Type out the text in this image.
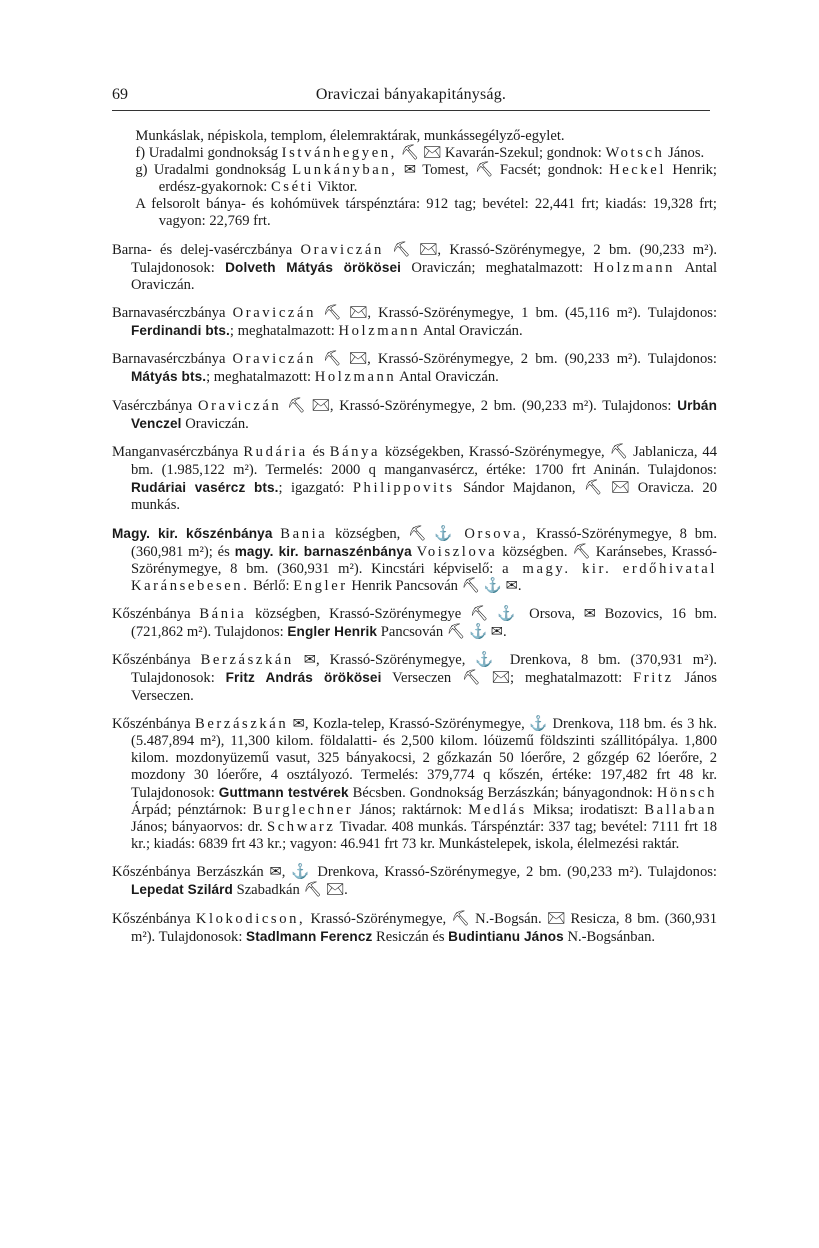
69	Oraviczai bányakapitányság.

Munkáslak, népiskola, templom, élelemraktárak, munkássegélyző-egylet.

f) Uradalmi gondnokság Istvánhegyen, ⛏ ✉ Kavarán-Szekul; gondnok: Wotsch János.

g) Uradalmi gondnokság Lunkányban, ✉ Tomest, ⛏ Facsét; gondnok: Heckel Henrik; erdész-gyakornok: Cséti Viktor.

A felsorolt bánya- és kohómüvek társpénztára: 912 tag; bevétel: 22,441 frt; kiadás: 19,328 frt; vagyon: 22,769 frt.

Barna- és delej-vasérczbánya Oraviczán ⛏ ✉, Krassó-Szörénymegye, 2 bm. (90,233 m²). Tulajdonosok: Dolveth Mátyás örökösei Oraviczán; meghatalmazott: Holzmann Antal Oraviczán.

Barnavasérczbánya Oraviczán ⛏ ✉, Krassó-Szörénymegye, 1 bm. (45,116 m²). Tulajdonos: Ferdinandi bts.; meghatalmazott: Holzmann Antal Oraviczán.

Barnavasérczbánya Oraviczán ⛏ ✉, Krassó-Szörénymegye, 2 bm. (90,233 m²). Tulajdonos: Mátyás bts.; meghatalmazott: Holzmann Antal Oraviczán.

Vasérczbánya Oraviczán ⛏ ✉, Krassó-Szörénymegye, 2 bm. (90,233 m²). Tulajdonos: Urbán Venczel Oraviczán.

Manganvasérczbánya Rudária és Bánya községekben, Krassó-Szörénymegye, ⛏ Jablanicza, 44 bm. (1.985,122 m²). Termelés: 2000 q manganvasércz, értéke: 1700 frt Aninán. Tulajdonos: Rudáriai vasércz bts.; igazgató: Philippovits Sándor Majdanon, ⛏ ✉ Oravicza. 20 munkás.

Magy. kir. kőszénbánya Bania községben, ⛏ ⚓ Orsova, Krassó-Szörénymegye, 8 bm. (360,981 m²); és magy. kir. barnaszénbánya Voiszlova községben. ⛏ Karánsebes, Krassó-Szörénymegye, 8 bm. (360,931 m²). Kincstári képviselő: a magy. kir. erdőhivatal Karánsebesen. Bérlő: Engler Henrik Pancsován ⛏ ⚓ ✉.

Kőszénbánya Bánia községben, Krassó-Szörénymegye ⛏ ⚓ Orsova, ✉ Bozovics, 16 bm. (721,862 m²). Tulajdonos: Engler Henrik Pancsován ⛏ ⚓ ✉.

Kőszénbánya Berzászkán ✉, Krassó-Szörénymegye, ⚓ Drenkova, 8 bm. (370,931 m²). Tulajdonosok: Fritz András örökösei Verseczen ⛏ ✉; meghatalmazott: Fritz János Verseczen.

Kőszénbánya Berzászkán ✉, Kozla-telep, Krassó-Szörénymegye, ⚓ Drenkova, 118 bm. és 3 hk. (5.487,894 m²), 11,300 kilom. földalatti- és 2,500 kilom. lóüzemű földszinti szállitópálya. 1,800 kilom. mozdonyüzemű vasut, 325 bányakocsi, 2 gőzkazán 50 lóerőre, 2 gőzgép 62 lóerőre, 2 mozdony 30 lóerőre, 4 osztályozó. Termelés: 379,774 q kőszén, értéke: 197,482 frt 48 kr. Tulajdonosok: Guttmann testvérek Bécsben. Gondnokság Berzászkán; bányagondnok: Hönsch Árpád; pénztárnok: Burglechner János; raktárnok: Medlás Miksa; irodatiszt: Ballaban János; bányaorvos: dr. Schwarz Tivadar. 408 munkás. Társpénztár: 337 tag; bevétel: 7111 frt 18 kr.; kiadás: 6839 frt 43 kr.; vagyon: 46.941 frt 73 kr. Munkástelepek, iskola, élelmezési raktár.

Kőszénbánya Berzászkán ✉, ⚓ Drenkova, Krassó-Szörénymegye, 2 bm. (90,233 m²). Tulajdonos: Lepedat Szilárd Szabadkán ⛏ ✉.

Kőszénbánya Klokodicson, Krassó-Szörénymegye, ⛏ N.-Bogsán. ✉ Resicza, 8 bm. (360,931 m²). Tulajdonosok: Stadlmann Ferencz Resiczán és Budintianu János N.-Bogsánban.
